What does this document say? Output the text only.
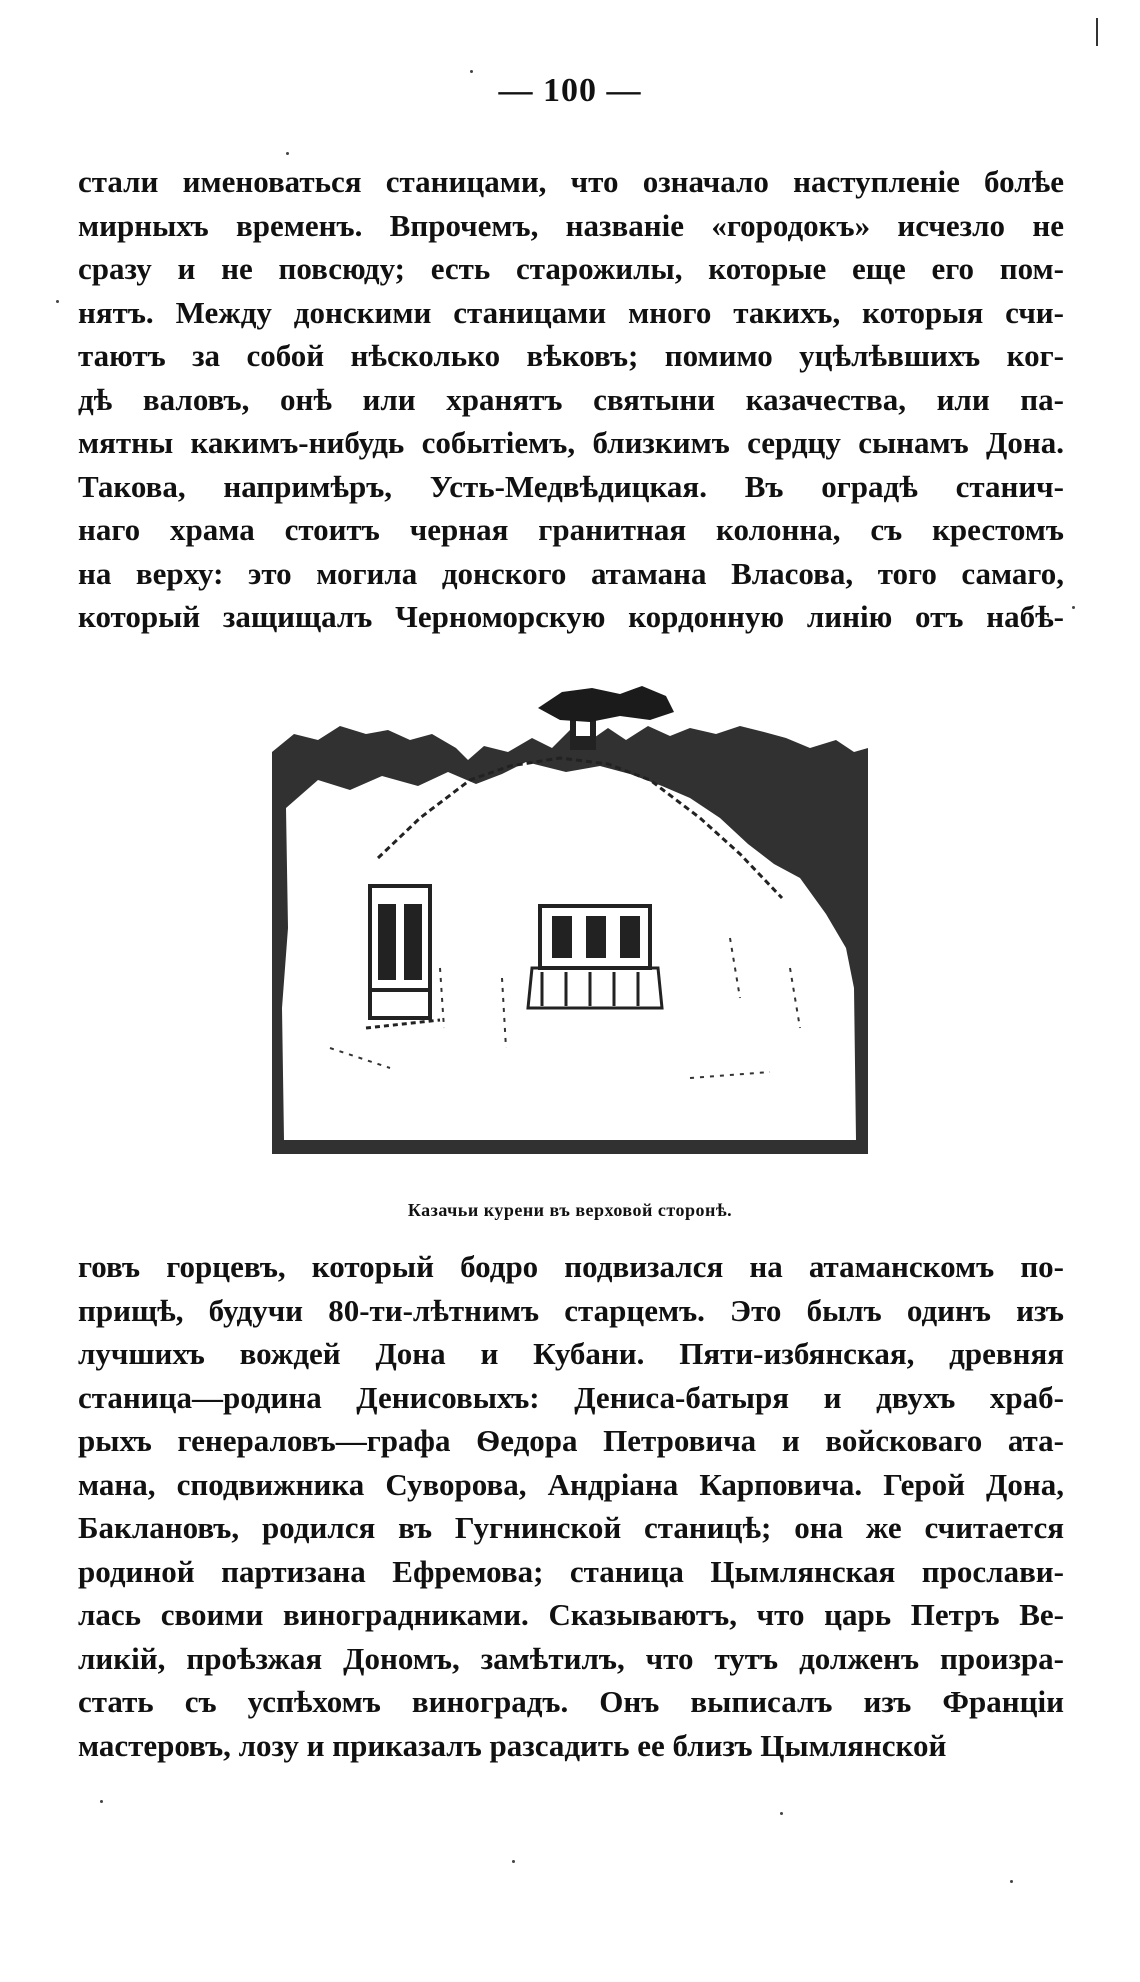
— 100 —
стали именоваться станицами, что означало наступленіе болѣе
мирныхъ временъ. Впрочемъ, названіе «городокъ» исчезло не
сразу и не повсюду; есть старожилы, которые еще его пом-
нятъ. Между донскими станицами много такихъ, которыя счи-
таютъ за собой нѣсколько вѣковъ; помимо уцѣлѣвшихъ ког-
дѣ валовъ, онѣ или хранятъ святыни казачества, или па-
мятны какимъ-нибудь событіемъ, близкимъ сердцу сынамъ Дона.
Такова, напримѣръ, Усть-Медвѣдицкая. Въ оградѣ станич-
наго храма стоитъ черная гранитная колонна, съ крестомъ
на верху: это могила донского атамана Власова, того самаго,
который защищалъ Черноморскую кордонную линію отъ набѣ-
Казачьи курени въ верховой сторонѣ.
говъ горцевъ, который бодро подвизался на атаманскомъ по-
прищѣ, будучи 80-ти-лѣтнимъ старцемъ. Это былъ одинъ изъ
лучшихъ вождей Дона и Кубани. Пяти-избянская, древняя
станица—родина Денисовыхъ: Дениса-батыря и двухъ храб-
рыхъ генераловъ—графа Ѳедора Петровича и войсковаго ата-
мана, сподвижника Суворова, Андріана Карповича. Герой Дона,
Баклановъ, родился въ Гугнинской станицѣ; она же считается
родиной партизана Ефремова; станица Цымлянская прослави-
лась своими виноградниками. Сказываютъ, что царь Петръ Ве-
ликій, проѣзжая Дономъ, замѣтилъ, что тутъ долженъ произра-
стать съ успѣхомъ виноградъ. Онъ выписалъ изъ Франціи
мастеровъ, лозу и приказалъ разсадить ее близъ Цымлянской
